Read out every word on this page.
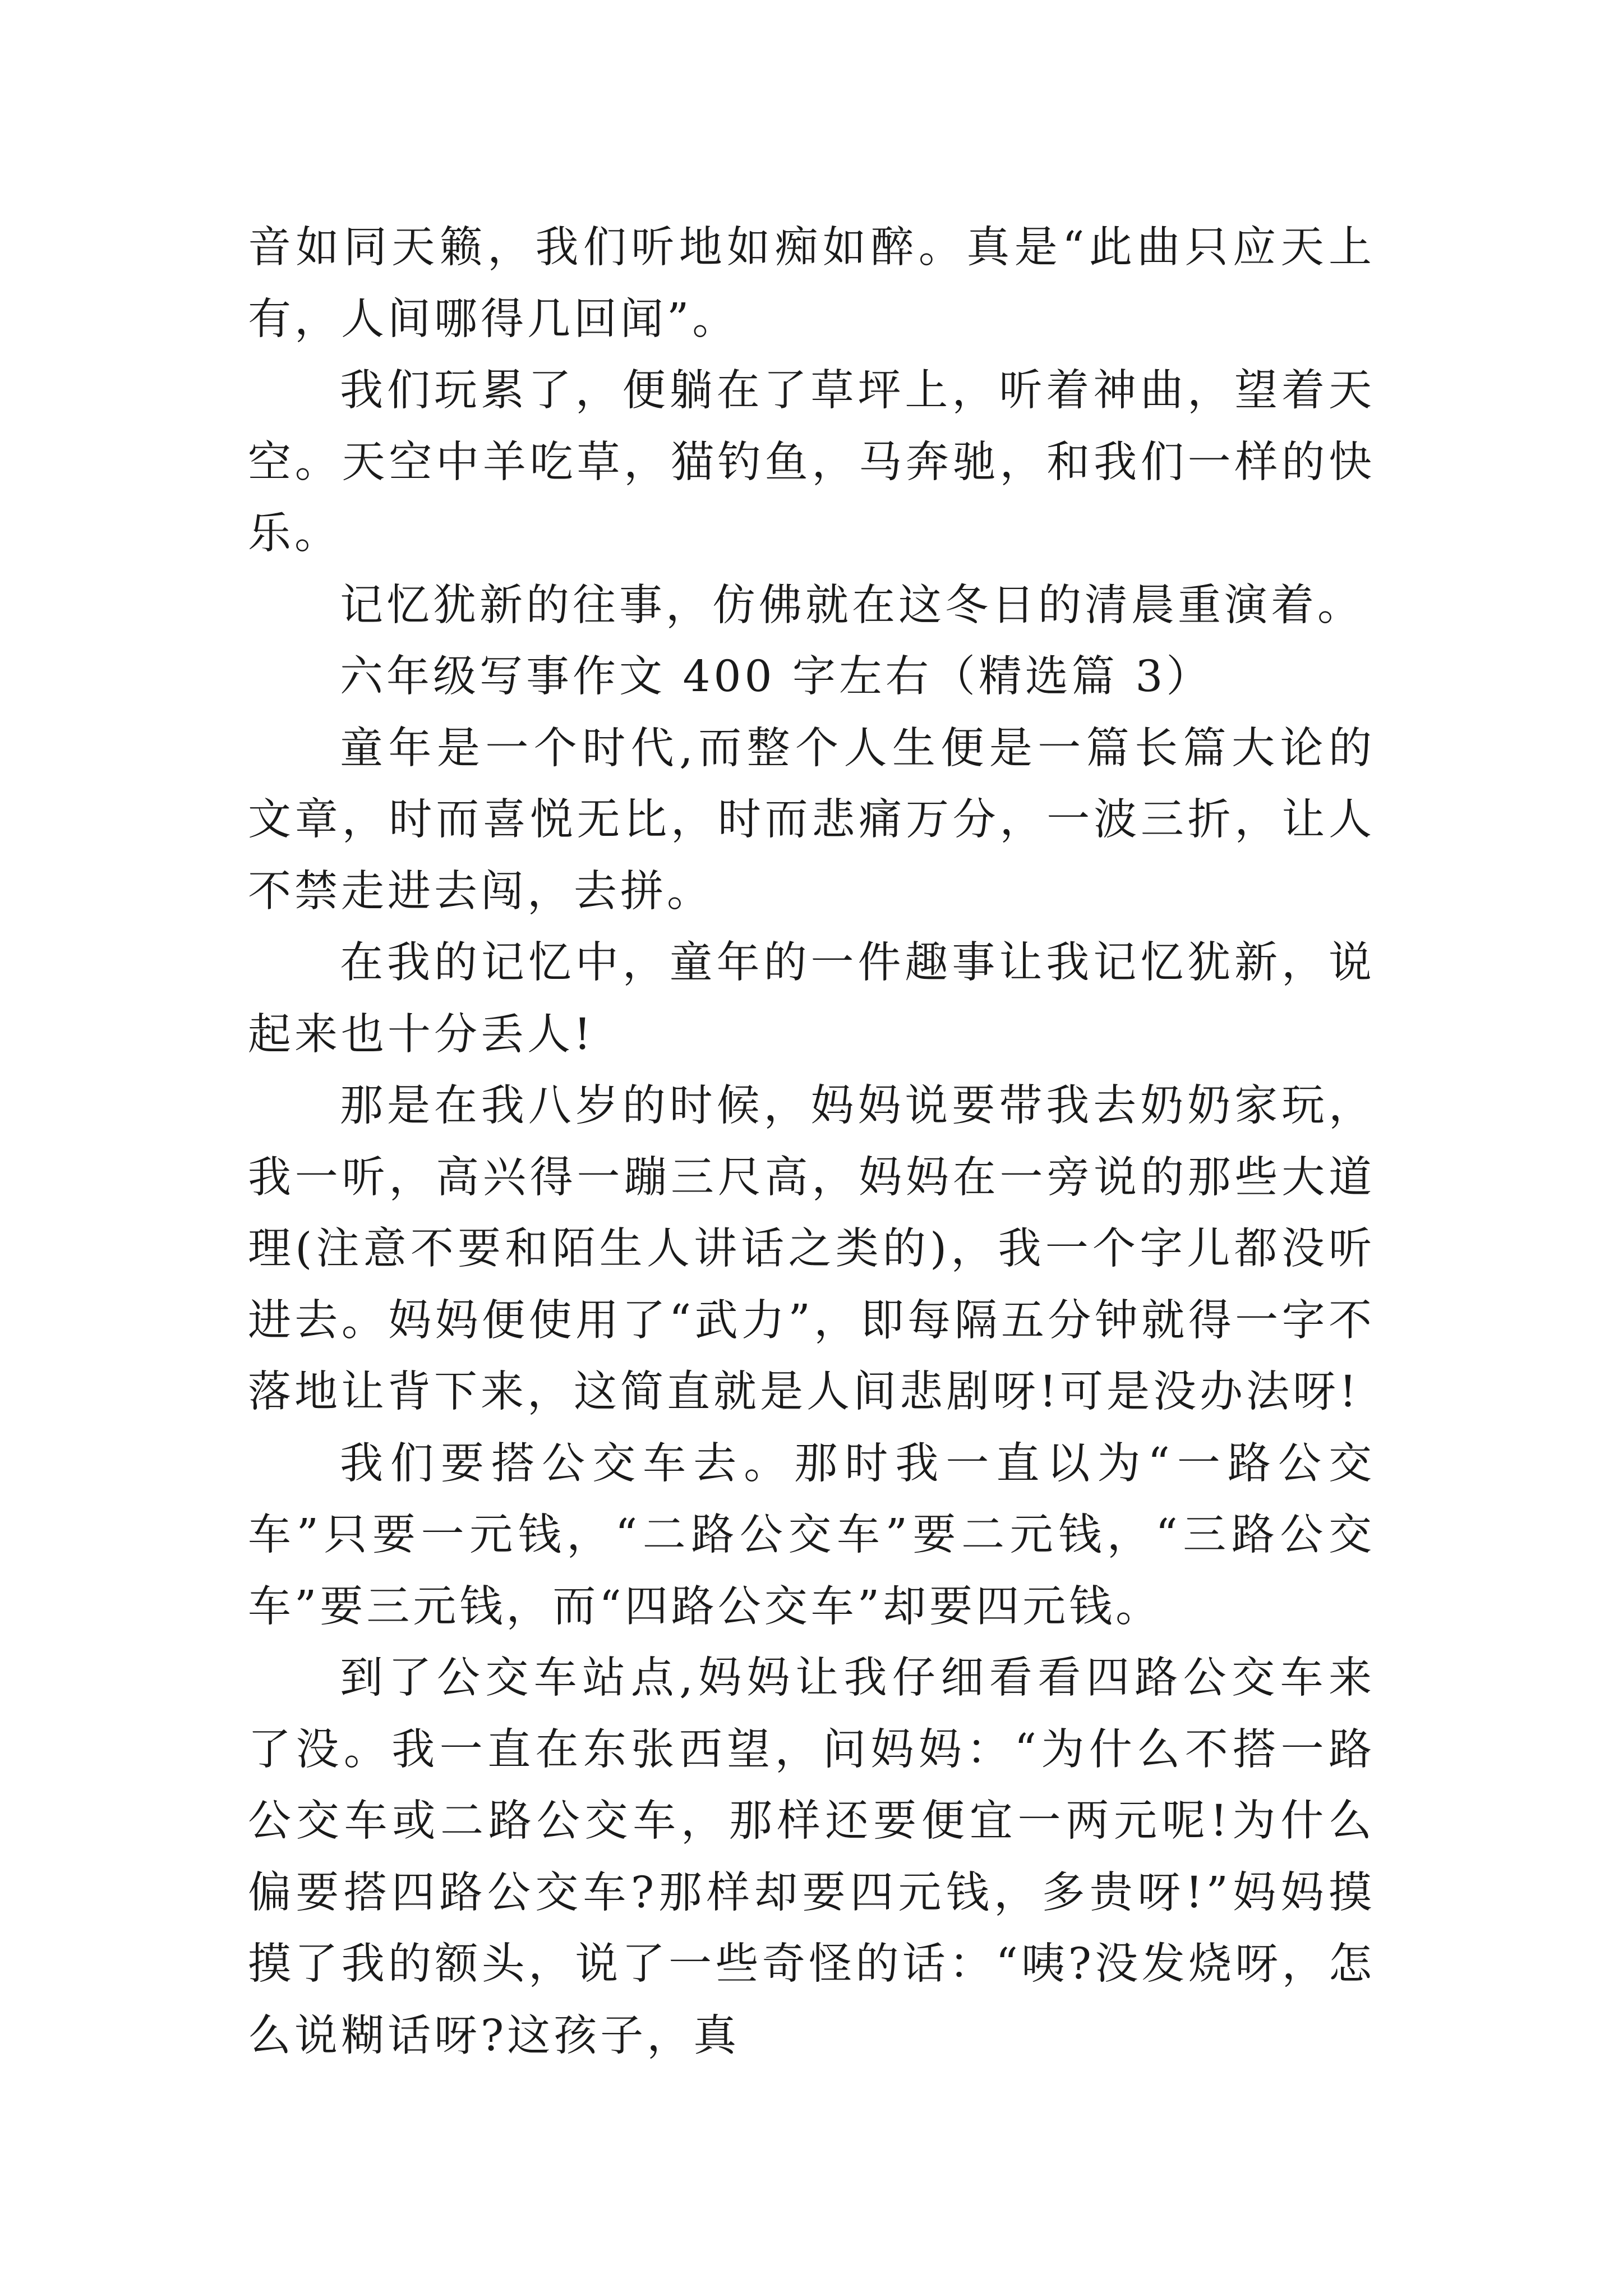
音如同天籁，我们听地如痴如醉。真是“此曲只应天上有，人间哪得几回闻”。

我们玩累了，便躺在了草坪上，听着神曲，望着天空。天空中羊吃草，猫钓鱼，马奔驰，和我们一样的快乐。

记忆犹新的往事，仿佛就在这冬日的清晨重演着。

六年级写事作文 400 字左右（精选篇 3）

童年是一个时代,而整个人生便是一篇长篇大论的文章，时而喜悦无比，时而悲痛万分，一波三折，让人不禁走进去闯，去拼。

在我的记忆中，童年的一件趣事让我记忆犹新，说起来也十分丢人!

那是在我八岁的时候，妈妈说要带我去奶奶家玩，我一听，高兴得一蹦三尺高，妈妈在一旁说的那些大道理(注意不要和陌生人讲话之类的)，我一个字儿都没听进去。妈妈便使用了“武力”，即每隔五分钟就得一字不落地让背下来，这简直就是人间悲剧呀!可是没办法呀!

我们要搭公交车去。那时我一直以为“一路公交车”只要一元钱，“二路公交车”要二元钱，“三路公交车”要三元钱，而“四路公交车”却要四元钱。

到了公交车站点,妈妈让我仔细看看四路公交车来了没。我一直在东张西望，问妈妈：“为什么不搭一路公交车或二路公交车，那样还要便宜一两元呢!为什么偏要搭四路公交车?那样却要四元钱，多贵呀!”妈妈摸摸了我的额头，说了一些奇怪的话：“咦?没发烧呀，怎么说糊话呀?这孩子，真
